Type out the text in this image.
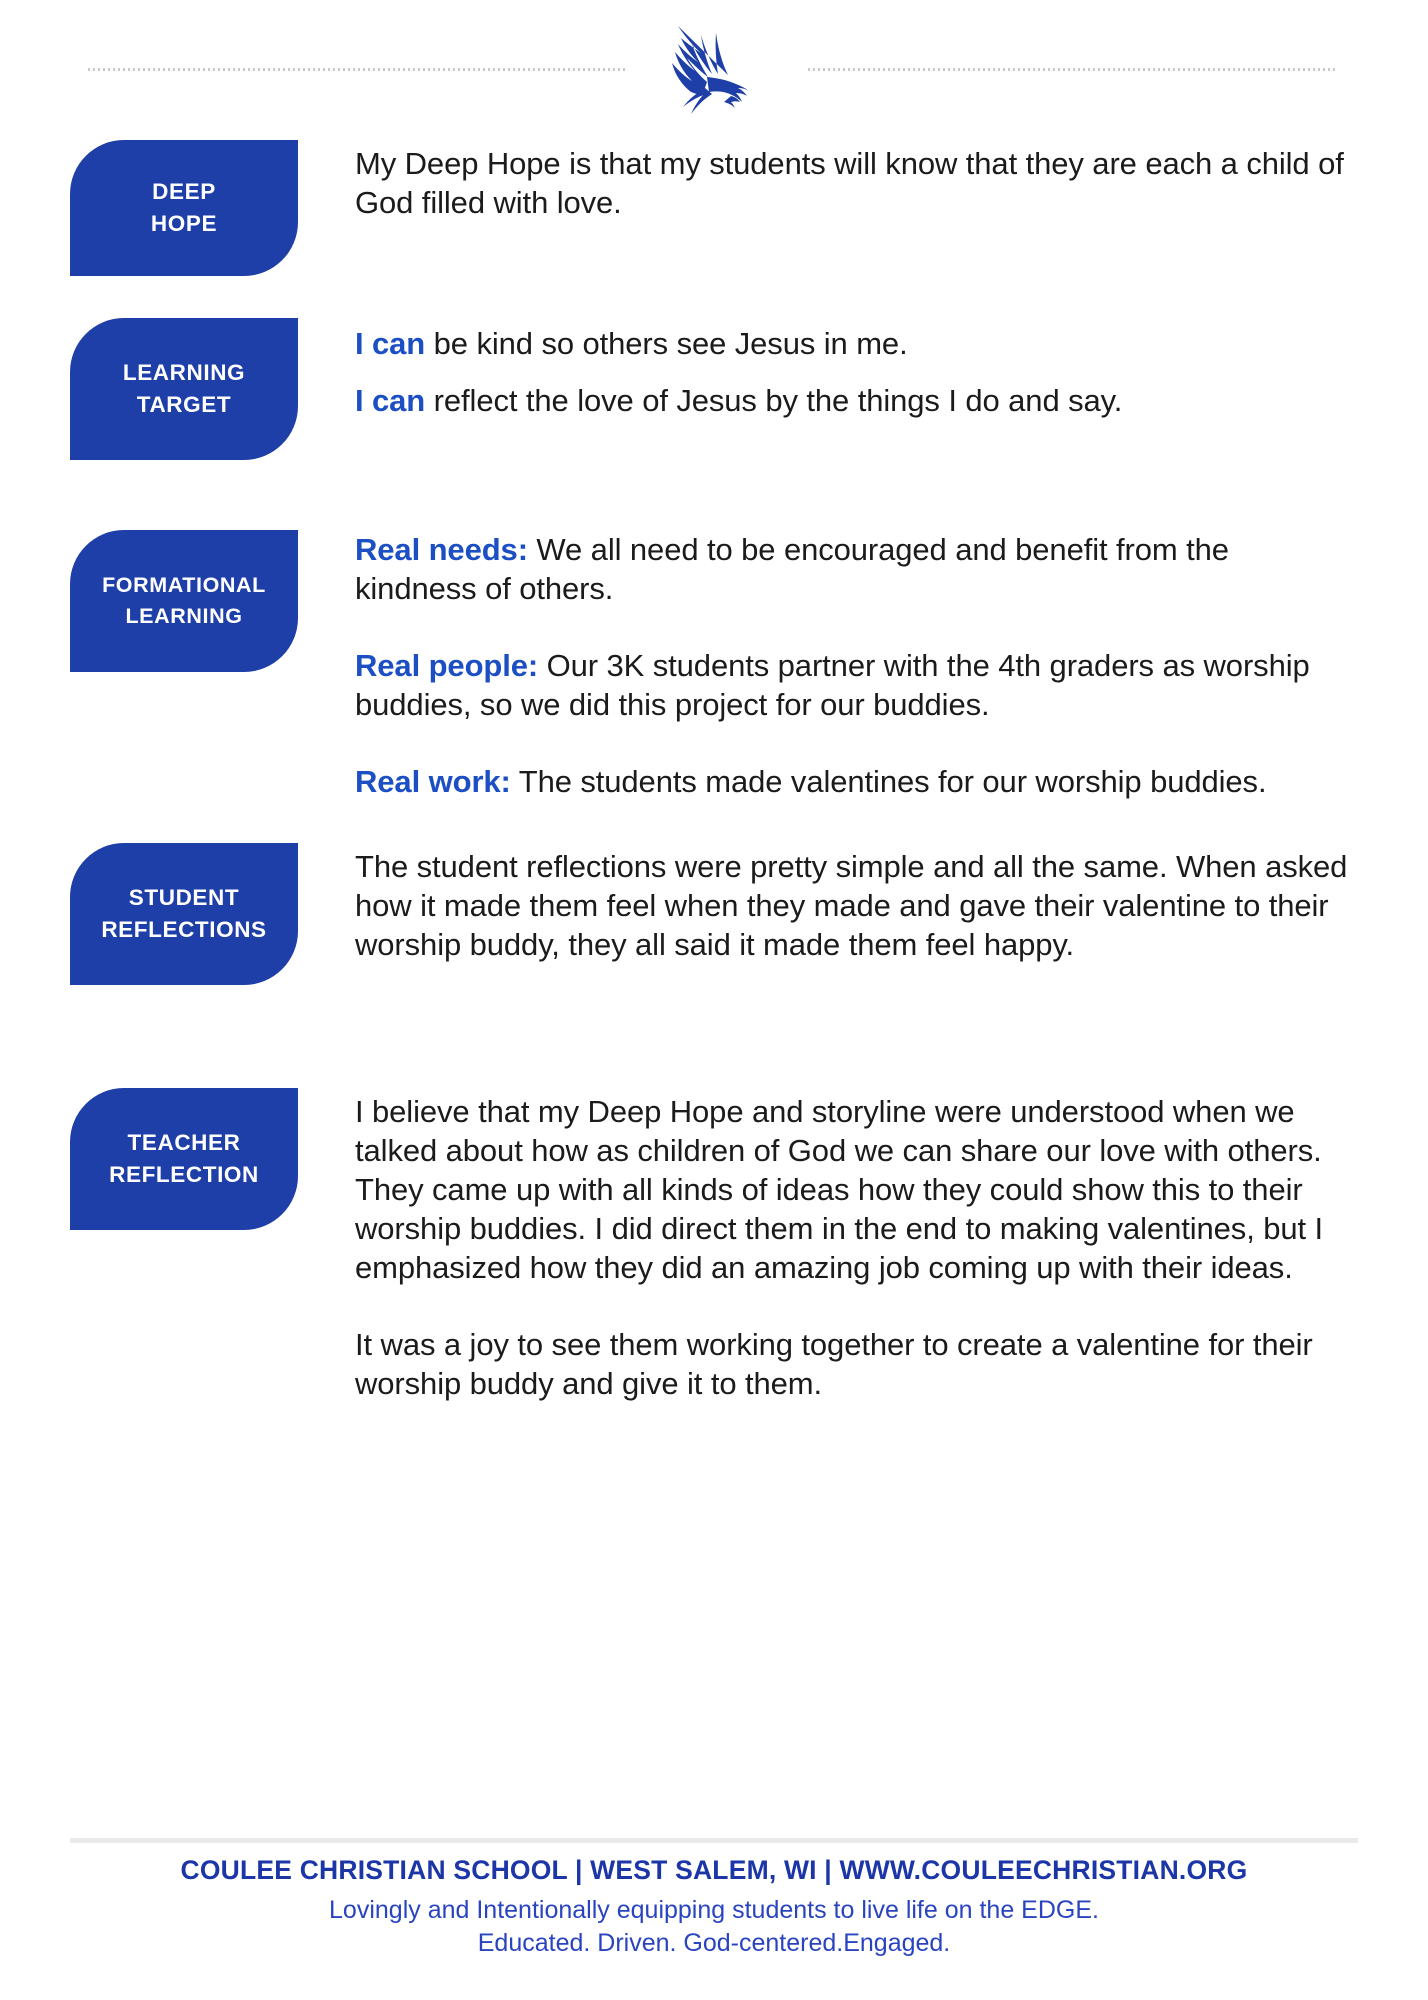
DEEP
HOPE

My Deep Hope is that my students will know that they are each a child of God filled with love.

LEARNING
TARGET

I can be kind so others see Jesus in me.

I can reflect the love of Jesus by the things I do and say.

FORMATIONAL
LEARNING

Real needs: We all need to be encouraged and benefit from the kindness of others.

Real people: Our 3K students partner with the 4th graders as worship buddies, so we did this project for our buddies.

Real work: The students made valentines for our worship buddies.

STUDENT
REFLECTIONS

The student reflections were pretty simple and all the same. When asked how it made them feel when they made and gave their valentine to their worship buddy, they all said it made them feel happy.

TEACHER
REFLECTION

I believe that my Deep Hope and storyline were understood when we talked about how as children of God we can share our love with others. They came up with all kinds of ideas how they could show this to their worship buddies. I did direct them in the end to making valentines, but I emphasized how they did an amazing job coming up with their ideas.

It was a joy to see them working together to create a valentine for their worship buddy and give it to them.

COULEE CHRISTIAN SCHOOL | WEST SALEM, WI | WWW.COULEECHRISTIAN.ORG
Lovingly and Intentionally equipping students to live life on the EDGE.
Educated. Driven. God-centered.Engaged.
